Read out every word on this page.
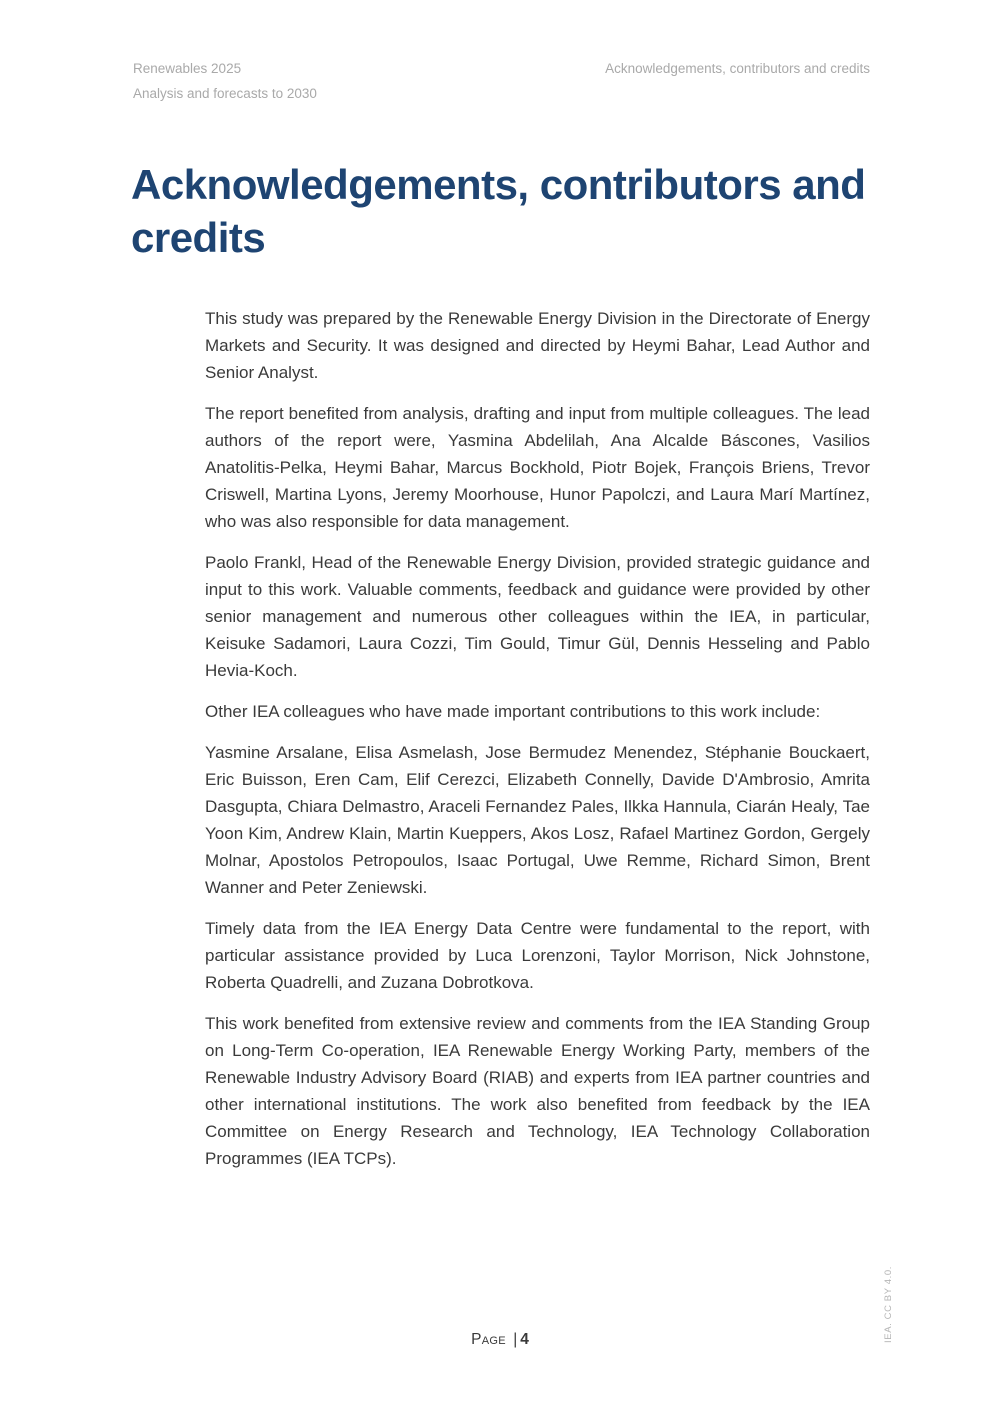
Renewables 2025
Analysis and forecasts to 2030
Acknowledgements, contributors and credits
Acknowledgements, contributors and credits

This study was prepared by the Renewable Energy Division in the Directorate of Energy Markets and Security. It was designed and directed by Heymi Bahar, Lead Author and Senior Analyst.

The report benefited from analysis, drafting and input from multiple colleagues. The lead authors of the report were, Yasmina Abdelilah, Ana Alcalde Báscones, Vasilios Anatolitis-Pelka, Heymi Bahar, Marcus Bockhold, Piotr Bojek, François Briens, Trevor Criswell, Martina Lyons, Jeremy Moorhouse, Hunor Papolczi, and Laura Marí Martínez, who was also responsible for data management.

Paolo Frankl, Head of the Renewable Energy Division, provided strategic guidance and input to this work. Valuable comments, feedback and guidance were provided by other senior management and numerous other colleagues within the IEA, in particular, Keisuke Sadamori, Laura Cozzi, Tim Gould, Timur Gül, Dennis Hesseling and Pablo Hevia-Koch.

Other IEA colleagues who have made important contributions to this work include:

Yasmine Arsalane, Elisa Asmelash, Jose Bermudez Menendez, Stéphanie Bouckaert, Eric Buisson, Eren Cam, Elif Cerezci, Elizabeth Connelly, Davide D'Ambrosio, Amrita Dasgupta, Chiara Delmastro, Araceli Fernandez Pales, Ilkka Hannula, Ciarán Healy, Tae Yoon Kim, Andrew Klain, Martin Kueppers, Akos Losz, Rafael Martinez Gordon, Gergely Molnar, Apostolos Petropoulos, Isaac Portugal, Uwe Remme, Richard Simon, Brent Wanner and Peter Zeniewski.

Timely data from the IEA Energy Data Centre were fundamental to the report, with particular assistance provided by Luca Lorenzoni, Taylor Morrison, Nick Johnstone, Roberta Quadrelli, and Zuzana Dobrotkova.

This work benefited from extensive review and comments from the IEA Standing Group on Long-Term Co-operation, IEA Renewable Energy Working Party, members of the Renewable Industry Advisory Board (RIAB) and experts from IEA partner countries and other international institutions. The work also benefited from feedback by the IEA Committee on Energy Research and Technology, IEA Technology Collaboration Programmes (IEA TCPs).

Page | 4	IEA. CC BY 4.0.
